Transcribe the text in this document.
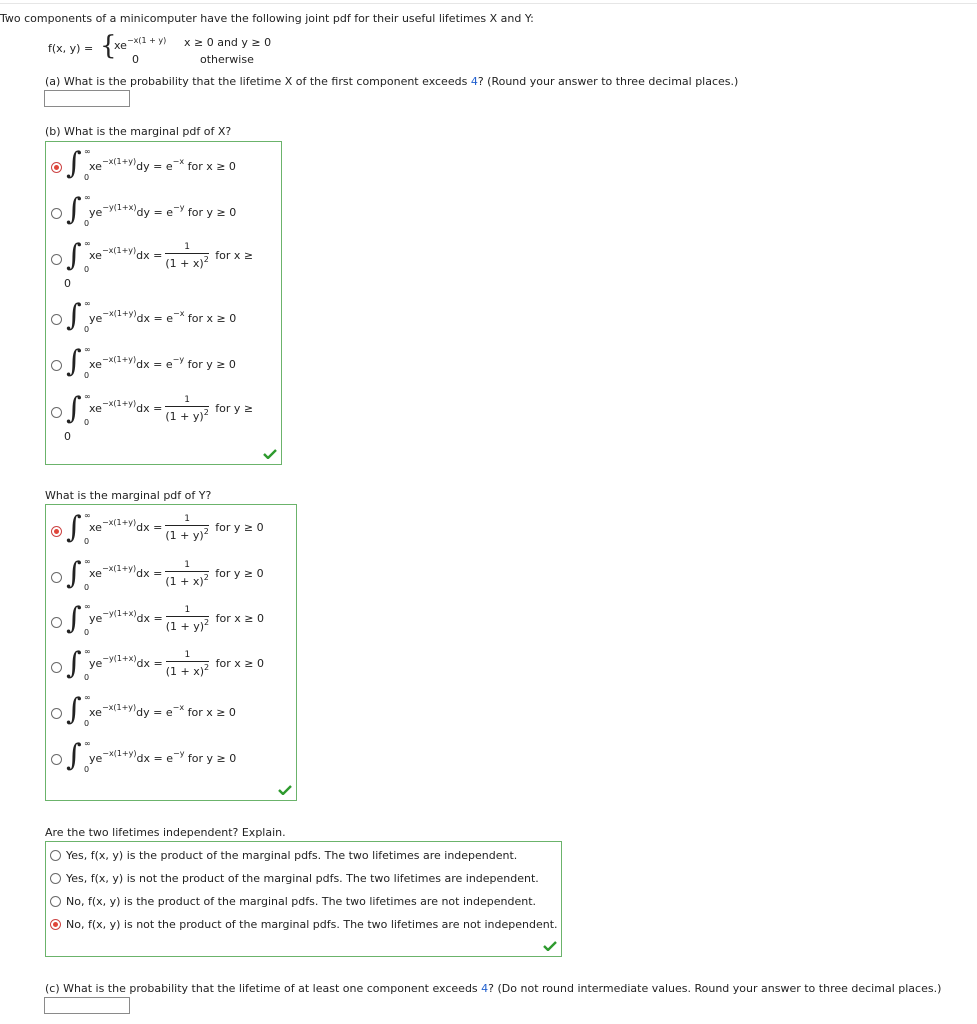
Two components of a minicomputer have the following joint pdf for their useful lifetimes X and Y:
f(x, y) = {
$xe^{-x(1 + y)}$ x ≥ 0 and y ≥ 0
0	otherwise
(a) What is the probability that the lifetime X of the first component exceeds 4? (Round your answer to three decimal places.)
(b) What is the marginal pdf of X?
∫ ∞
0
$xe^{-x(1+y)}dy = e^{-x}$ for x ≥ 0
∫ ∞
0
$ye^{-y(1+x)}dy = e^{-y}$ for y ≥ 0
∫ ∞
0
$xe^{-x(1+y)}dx = \frac{1}{(1 + x)^2}$ for x ≥
0
∫ ∞
0
$ye^{-x(1+y)}dx = e^{-x}$ for x ≥ 0
∫ ∞
0
$xe^{-x(1+y)}dx = e^{-y}$ for y ≥ 0
∫ ∞
0
$xe^{-x(1+y)}dx = \frac{1}{(1 + y)^2}$ for y ≥
0
What is the marginal pdf of Y?
∫ ∞
0
$xe^{-x(1+y)}dx = \frac{1}{(1 + y)^2}$ for y ≥ 0
∫ ∞
0
$xe^{-x(1+y)}dx = \frac{1}{(1 + x)^2}$ for y ≥ 0
∫ ∞
0
$ye^{-y(1+x)}dx = \frac{1}{(1 + y)^2}$ for x ≥ 0
∫ ∞
0
$ye^{-y(1+x)}dx = \frac{1}{(1 + x)^2}$ for x ≥ 0
∫ ∞
0
$xe^{-x(1+y)}dy = e^{-x}$ for x ≥ 0
∫ ∞
0
$ye^{-x(1+y)}dx = e^{-y}$ for y ≥ 0
Are the two lifetimes independent? Explain.
Yes, f(x, y) is the product of the marginal pdfs. The two lifetimes are independent.
Yes, f(x, y) is not the product of the marginal pdfs. The two lifetimes are independent.
No, f(x, y) is the product of the marginal pdfs. The two lifetimes are not independent.
No, f(x, y) is not the product of the marginal pdfs. The two lifetimes are not independent.
(c) What is the probability that the lifetime of at least one component exceeds 4? (Do not round intermediate values. Round your answer to three decimal places.)
